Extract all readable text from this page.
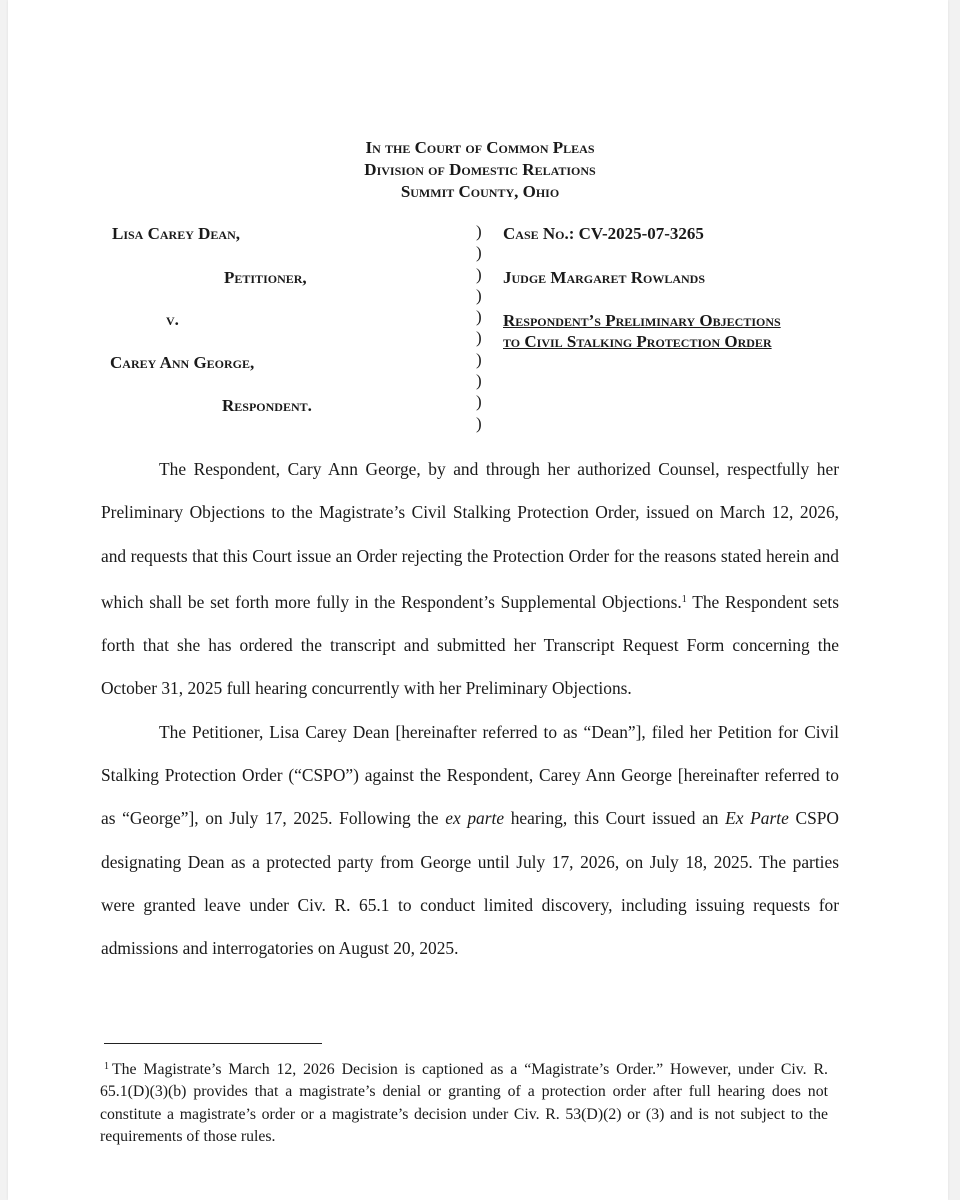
In the Court of Common Pleas
Division of Domestic Relations
Summit County, Ohio
Lisa Carey Dean,
Petitioner,
v.
Carey Ann George,
Respondent.
)
)
)
)
)
)
)
)
)
)
Case No.: CV-2025-07-3265
Judge Margaret Rowlands
Respondent’s Preliminary Objections
to Civil Stalking Protection Order

The Respondent, Cary Ann George, by and through her authorized Counsel, respectfully her Preliminary Objections to the Magistrate’s Civil Stalking Protection Order, issued on March 12, 2026, and requests that this Court issue an Order rejecting the Protection Order for the reasons stated herein and which shall be set forth more fully in the Respondent’s Supplemental Objections.$^1$ The Respondent sets forth that she has ordered the transcript and submitted her Transcript Request Form concerning the October 31, 2025 full hearing concurrently with her Preliminary Objections.

The Petitioner, Lisa Carey Dean [hereinafter referred to as “Dean”], filed her Petition for Civil Stalking Protection Order (“CSPO”) against the Respondent, Carey Ann George [hereinafter referred to as “George”], on July 17, 2025. Following the ex parte hearing, this Court issued an Ex Parte CSPO designating Dean as a protected party from George until July 17, 2026, on July 18, 2025. The parties were granted leave under Civ. R. 65.1 to conduct limited discovery, including issuing requests for admissions and interrogatories on August 20, 2025.

$^1$ The Magistrate’s March 12, 2026 Decision is captioned as a “Magistrate’s Order.” However, under Civ. R. 65.1(D)(3)(b) provides that a magistrate’s denial or granting of a protection order after full hearing does not constitute a magistrate’s order or a magistrate’s decision under Civ. R. 53(D)(2) or (3) and is not subject to the requirements of those rules.
